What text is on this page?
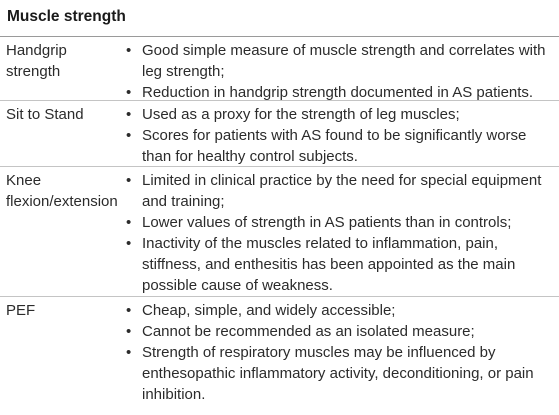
Muscle strength
Handgrip strength
• Good simple measure of muscle strength and correlates with leg strength;
• Reduction in handgrip strength documented in AS patients.
Sit to Stand	• Used as a proxy for the strength of leg muscles;
• Scores for patients with AS found to be significantly worse than for healthy control subjects.
Knee flexion/extension
• Limited in clinical practice by the need for special equipment and training;
• Lower values of strength in AS patients than in controls;
• Inactivity of the muscles related to inflammation, pain, stiffness, and enthesitis has been appointed as the main possible cause of weakness.
PEF	• Cheap, simple, and widely accessible;
• Cannot be recommended as an isolated measure;
• Strength of respiratory muscles may be influenced by enthesopathic inflammatory activity, deconditioning, or pain inhibition.
